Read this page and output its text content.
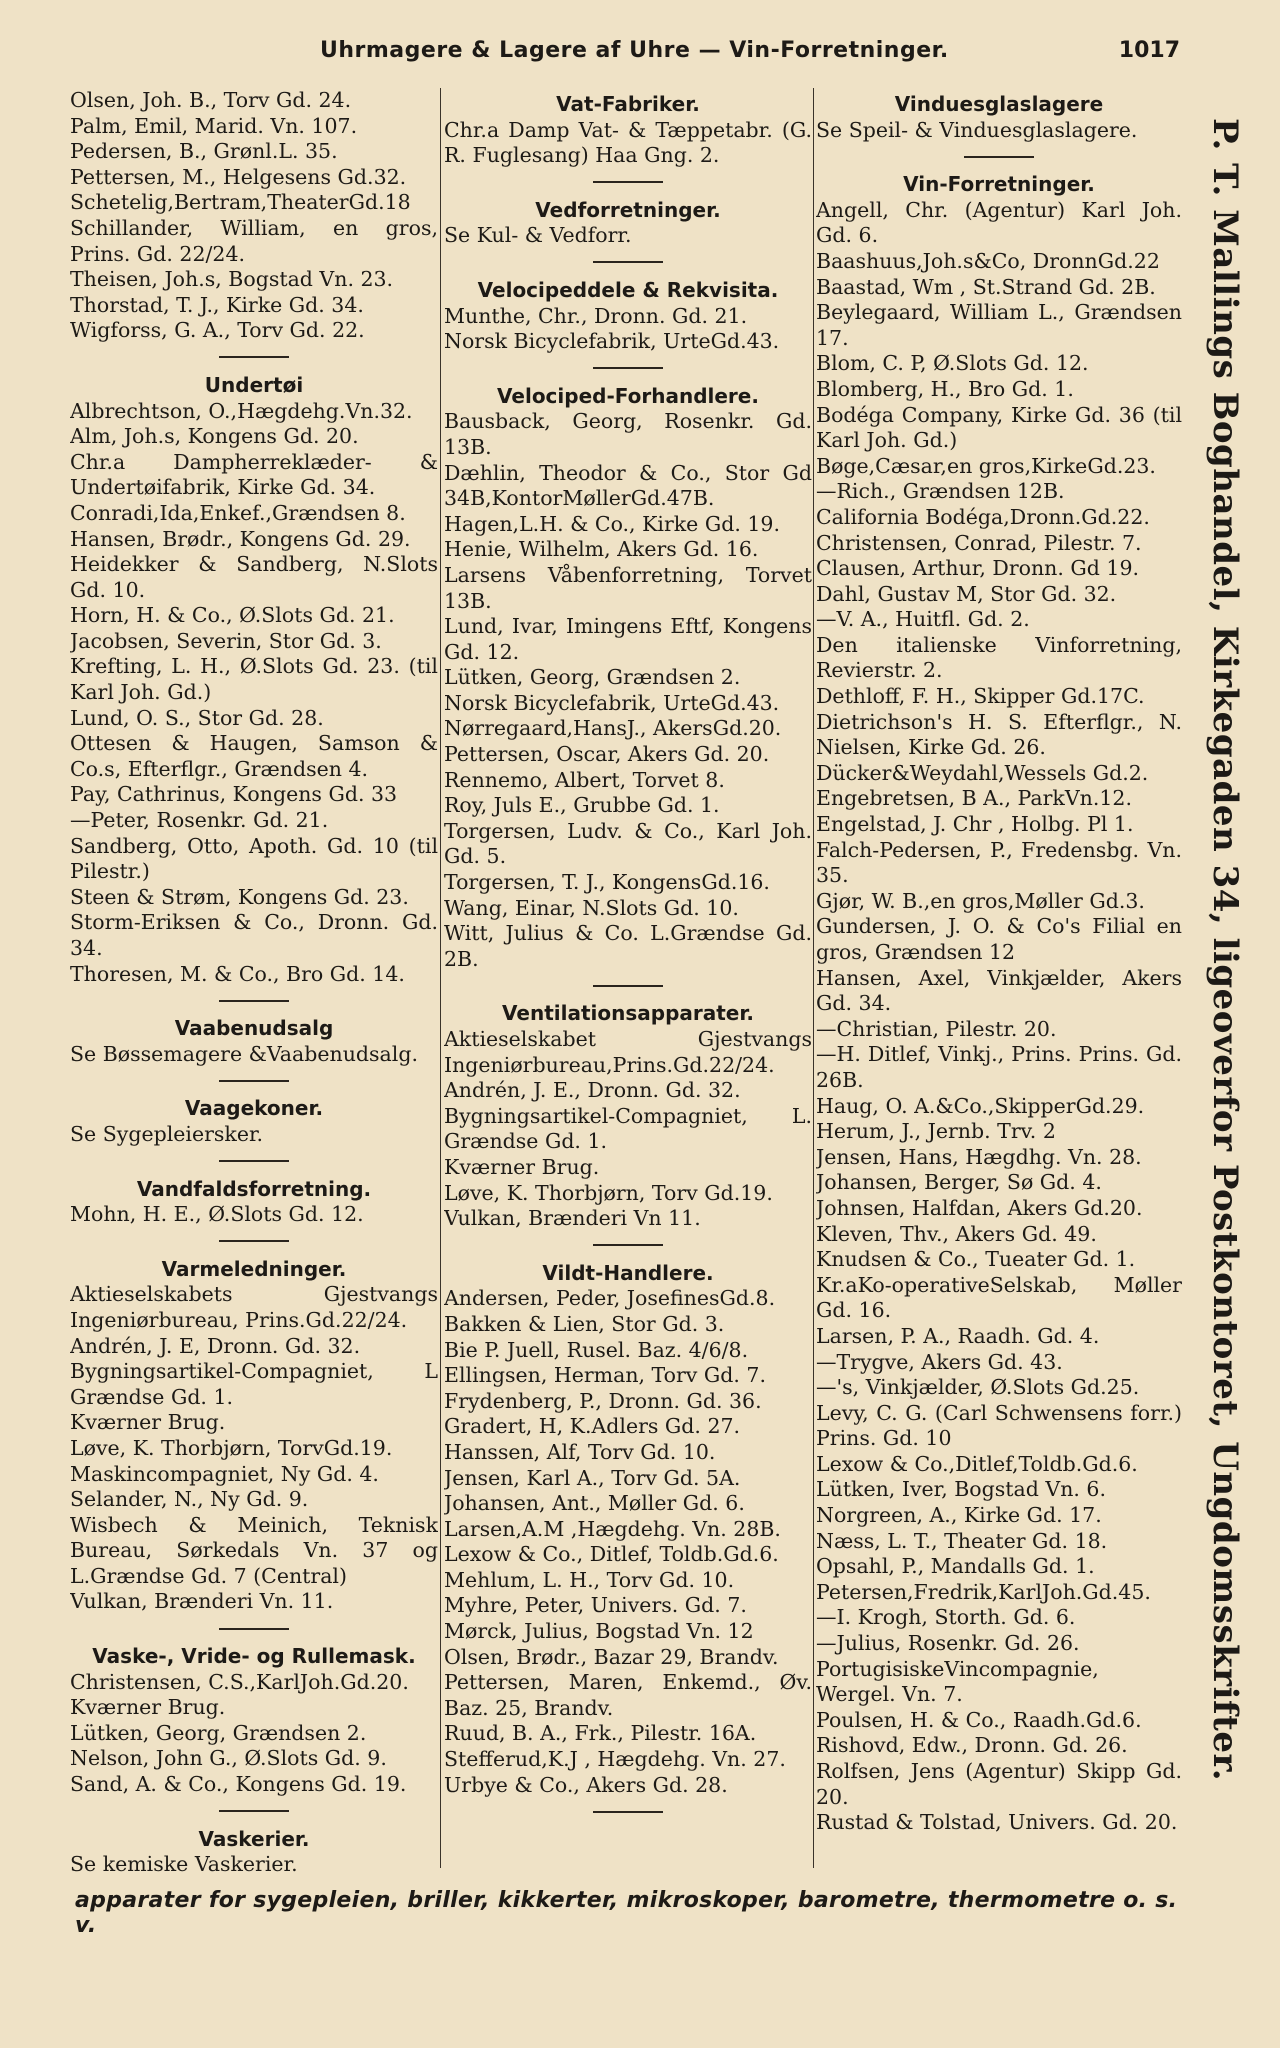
Uhrmagere & Lagere af Uhre — Vin-Forretninger.	1017
Olsen, Joh. B., Torv Gd. 24.
Palm, Emil, Marid. Vn. 107.
Pedersen, B., Grønl.L. 35.
Pettersen, M., Helgesens Gd.32.
Schetelig,Bertram,TheaterGd.18
Schillander, William, en gros, Prins. Gd. 22/24.
Theisen, Joh.s, Bogstad Vn. 23.
Thorstad, T. J., Kirke Gd. 34.
Wigforss, G. A., Torv Gd. 22.
Undertøi
Albrechtson, O.,Hægdehg.Vn.32.
Alm, Joh.s, Kongens Gd. 20.
Chr.a Dampherreklæder- & Undertøifabrik, Kirke Gd. 34.
Conradi,Ida,Enkef.,Grændsen 8.
Hansen, Brødr., Kongens Gd. 29.
Heidekker & Sandberg, N.Slots Gd. 10.
Horn, H. & Co., Ø.Slots Gd. 21.
Jacobsen, Severin, Stor Gd. 3.
Krefting, L. H., Ø.Slots Gd. 23. (til Karl Joh. Gd.)
Lund, O. S., Stor Gd. 28.
Ottesen & Haugen, Samson & Co.s, Efterflgr., Grændsen 4.
Pay, Cathrinus, Kongens Gd. 33
—Peter, Rosenkr. Gd. 21.
Sandberg, Otto, Apoth. Gd. 10 (til Pilestr.)
Steen & Strøm, Kongens Gd. 23.
Storm-Eriksen & Co., Dronn. Gd. 34.
Thoresen, M. & Co., Bro Gd. 14.
Vaabenudsalg
Se Bøssemagere &Vaabenudsalg.
Vaagekoner.
Se Sygepleiersker.
Vandfaldsforretning.
Mohn, H. E., Ø.Slots Gd. 12.
Varmeledninger.
Aktieselskabets Gjestvangs Ingeniørbureau, Prins.Gd.22/24.
Andrén, J. E, Dronn. Gd. 32.
Bygningsartikel-Compagniet, L Grændse Gd. 1.
Kværner Brug.
Løve, K. Thorbjørn, TorvGd.19.
Maskincompagniet, Ny Gd. 4.
Selander, N., Ny Gd. 9.
Wisbech & Meinich, Teknisk Bureau, Sørkedals Vn. 37 og L.Grændse Gd. 7 (Central)
Vulkan, Brænderi Vn. 11.
Vaske-, Vride- og Rullemask.
Christensen, C.S.,KarlJoh.Gd.20.
Kværner Brug.
Lütken, Georg, Grændsen 2.
Nelson, John G., Ø.Slots Gd. 9.
Sand, A. & Co., Kongens Gd. 19.
Vaskerier.
Se kemiske Vaskerier.
Vat-Fabriker.
Chr.a Damp Vat- & Tæppetabr. (G. R. Fuglesang) Haa Gng. 2.
Vedforretninger.
Se Kul- & Vedforr.
Velocipeddele & Rekvisita.
Munthe, Chr., Dronn. Gd. 21.
Norsk Bicyclefabrik, UrteGd.43.
Velociped-Forhandlere.
Bausback, Georg, Rosenkr. Gd. 13B.
Dæhlin, Theodor & Co., Stor Gd 34B,KontorMøllerGd.47B.
Hagen,L.H. & Co., Kirke Gd. 19.
Henie, Wilhelm, Akers Gd. 16.
Larsens Våbenforretning, Torvet 13B.
Lund, Ivar, Imingens Eftf, Kongens Gd. 12.
Lütken, Georg, Grændsen 2.
Norsk Bicyclefabrik, UrteGd.43.
Nørregaard,HansJ., AkersGd.20.
Pettersen, Oscar, Akers Gd. 20.
Rennemo, Albert, Torvet 8.
Roy, Juls E., Grubbe Gd. 1.
Torgersen, Ludv. & Co., Karl Joh. Gd. 5.
Torgersen, T. J., KongensGd.16.
Wang, Einar, N.Slots Gd. 10.
Witt, Julius & Co. L.Grændse Gd. 2B.
Ventilationsapparater.
Aktieselskabet Gjestvangs Ingeniørbureau,Prins.Gd.22/24.
Andrén, J. E., Dronn. Gd. 32.
Bygningsartikel-Compagniet, L. Grændse Gd. 1.
Kværner Brug.
Løve, K. Thorbjørn, Torv Gd.19.
Vulkan, Brænderi Vn 11.
Vildt-Handlere.
Andersen, Peder, JosefinesGd.8.
Bakken & Lien, Stor Gd. 3.
Bie P. Juell, Rusel. Baz. 4/6/8.
Ellingsen, Herman, Torv Gd. 7.
Frydenberg, P., Dronn. Gd. 36.
Gradert, H, K.Adlers Gd. 27.
Hanssen, Alf, Torv Gd. 10.
Jensen, Karl A., Torv Gd. 5A.
Johansen, Ant., Møller Gd. 6.
Larsen,A.M ,Hægdehg. Vn. 28B.
Lexow & Co., Ditlef, Toldb.Gd.6.
Mehlum, L. H., Torv Gd. 10.
Myhre, Peter, Univers. Gd. 7.
Mørck, Julius, Bogstad Vn. 12
Olsen, Brødr., Bazar 29, Brandv.
Pettersen, Maren, Enkemd., Øv. Baz. 25, Brandv.
Ruud, B. A., Frk., Pilestr. 16A.
Stefferud,K.J , Hægdehg. Vn. 27.
Urbye & Co., Akers Gd. 28.
Vinduesglaslagere
Se Speil- & Vinduesglaslagere.
Vin-Forretninger.
Angell, Chr. (Agentur) Karl Joh. Gd. 6.
Baashuus,Joh.s&Co, DronnGd.22
Baastad, Wm , St.Strand Gd. 2B.
Beylegaard, William L., Grændsen 17.
Blom, C. P, Ø.Slots Gd. 12.
Blomberg, H., Bro Gd. 1.
Bodéga Company, Kirke Gd. 36 (til Karl Joh. Gd.)
Bøge,Cæsar,en gros,KirkeGd.23.
—Rich., Grændsen 12B.
California Bodéga,Dronn.Gd.22.
Christensen, Conrad, Pilestr. 7.
Clausen, Arthur, Dronn. Gd 19.
Dahl, Gustav M, Stor Gd. 32.
—V. A., Huitfl. Gd. 2.
Den italienske Vinforretning, Revierstr. 2.
Dethloff, F. H., Skipper Gd.17C.
Dietrichson's H. S. Efterflgr., N. Nielsen, Kirke Gd. 26.
Dücker&Weydahl,Wessels Gd.2.
Engebretsen, B A., ParkVn.12.
Engelstad, J. Chr , Holbg. Pl 1.
Falch-Pedersen, P., Fredensbg. Vn. 35.
Gjør, W. B.,en gros,Møller Gd.3.
Gundersen, J. O. & Co's Filial en gros, Grændsen 12
Hansen, Axel, Vinkjælder, Akers Gd. 34.
—Christian, Pilestr. 20.
—H. Ditlef, Vinkj., Prins. Prins. Gd. 26B.
Haug, O. A.&Co.,SkipperGd.29.
Herum, J., Jernb. Trv. 2
Jensen, Hans, Hægdhg. Vn. 28.
Johansen, Berger, Sø Gd. 4.
Johnsen, Halfdan, Akers Gd.20.
Kleven, Thv., Akers Gd. 49.
Knudsen & Co., Tueater Gd. 1.
Kr.aKo-operativeSelskab, Møller Gd. 16.
Larsen, P. A., Raadh. Gd. 4.
—Trygve, Akers Gd. 43.
—'s, Vinkjælder, Ø.Slots Gd.25.
Levy, C. G. (Carl Schwensens forr.) Prins. Gd. 10
Lexow & Co.,Ditlef,Toldb.Gd.6.
Lütken, Iver, Bogstad Vn. 6.
Norgreen, A., Kirke Gd. 17.
Næss, L. T., Theater Gd. 18.
Opsahl, P., Mandalls Gd. 1.
Petersen,Fredrik,KarlJoh.Gd.45.
—I. Krogh, Storth. Gd. 6.
—Julius, Rosenkr. Gd. 26.
PortugisiskeVincompagnie, Wergel. Vn. 7.
Poulsen, H. & Co., Raadh.Gd.6.
Rishovd, Edw., Dronn. Gd. 26.
Rolfsen, Jens (Agentur) Skipp Gd. 20.
Rustad & Tolstad, Univers. Gd. 20.
P. T. Mallings Boghandel, Kirkegaden 34, ligeoverfor Postkontoret, Ungdomsskrifter.
apparater for sygepleien, briller, kikkerter, mikroskoper, barometre, thermometre o. s. v.
